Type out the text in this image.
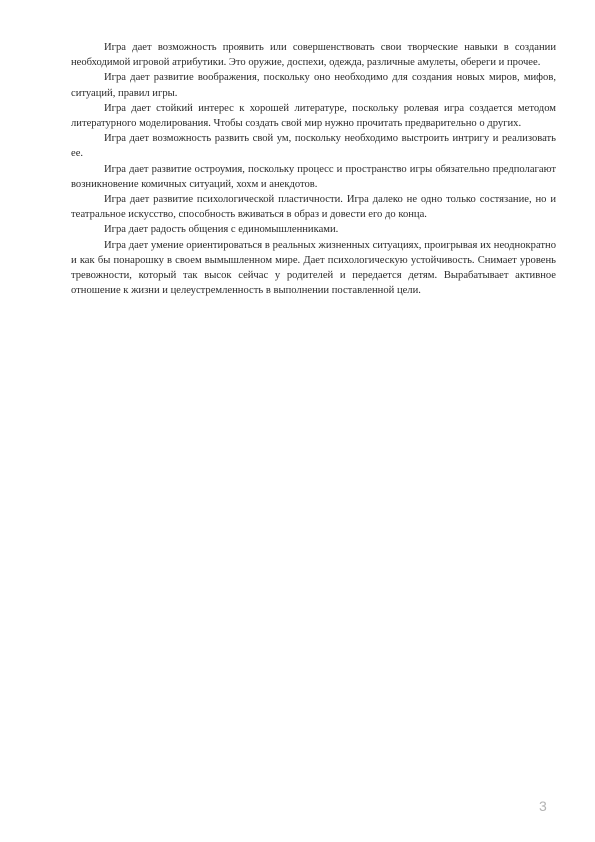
Игра дает возможность проявить или совершенствовать свои творческие навыки в создании необходимой игровой атрибутики. Это оружие, доспехи, одежда, различные амулеты, обереги и прочее.

Игра дает развитие воображения, поскольку оно необходимо для создания новых миров, мифов, ситуаций, правил игры.

Игра дает стойкий интерес к хорошей литературе, поскольку ролевая игра создается методом литературного моделирования. Чтобы создать свой мир нужно прочитать предварительно о других.

Игра дает возможность развить свой ум, поскольку необходимо выстроить интригу и реализовать ее.

Игра дает развитие остроумия, поскольку процесс и пространство игры обязательно предполагают возникновение комичных ситуаций, хохм и анекдотов.

Игра дает развитие психологической пластичности. Игра далеко не одно только состязание, но и театральное искусство, способность вживаться в образ и довести его до конца.

Игра дает радость общения с единомышленниками.

Игра дает умение ориентироваться в реальных жизненных ситуациях, проигрывая их неоднократно и как бы понарошку в своем вымышленном мире. Дает психологическую устойчивость. Снимает уровень тревожности, который так высок сейчас у родителей и передается детям. Вырабатывает активное отношение к жизни и целеустремленность в выполнении поставленной цели.

3
